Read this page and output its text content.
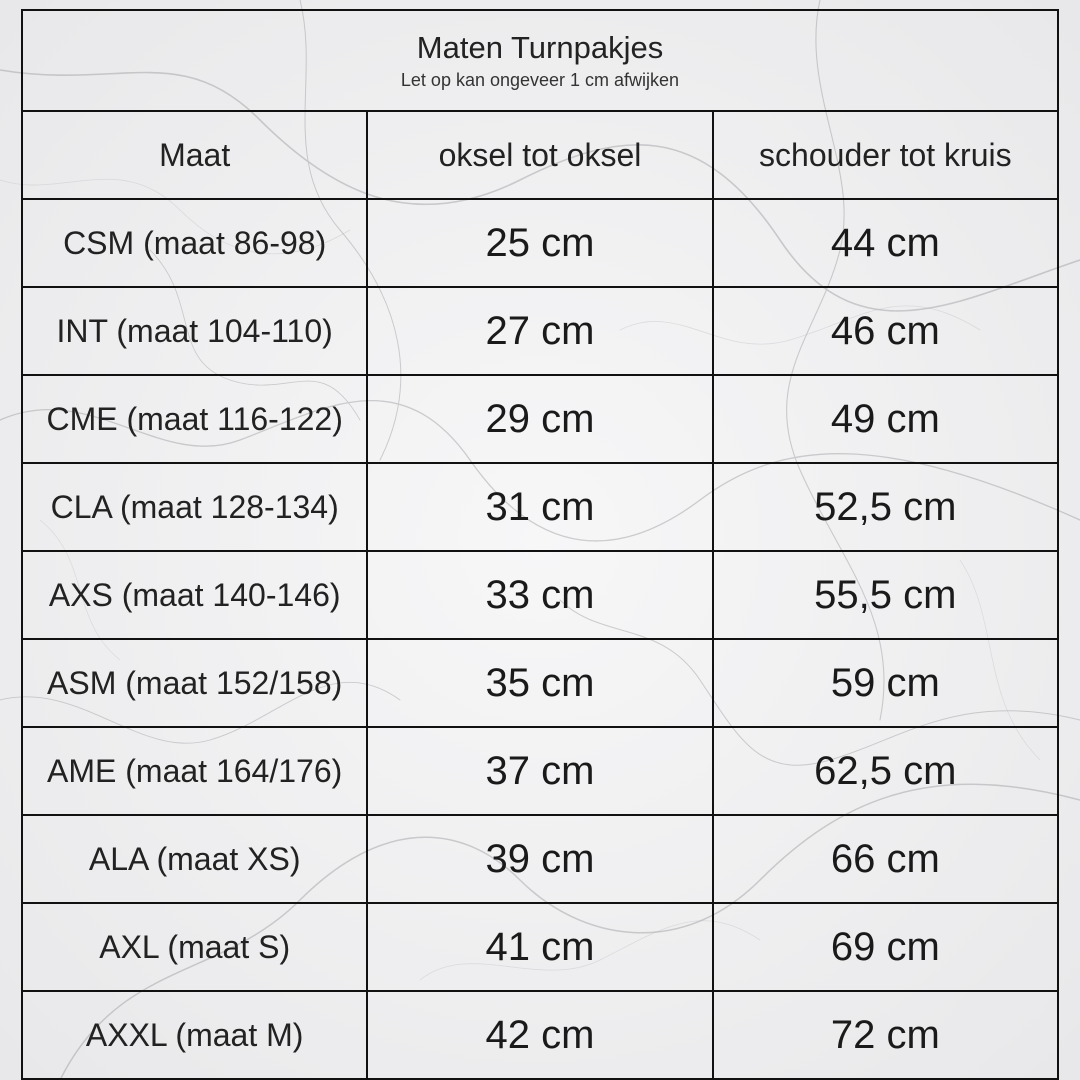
Maten Turnpakjes
Let op kan ongeveer 1 cm afwijken		

Maat	oksel tot oksel	schouder tot kruis
CSM (maat 86-98)	25 cm	44 cm
INT (maat 104-110)	27 cm	46 cm
CME (maat 116-122)	29 cm	49 cm
CLA (maat 128-134)	31 cm	52,5 cm
AXS (maat 140-146)	33 cm	55,5 cm
ASM (maat 152/158)	35 cm	59 cm
AME (maat 164/176)	37 cm	62,5 cm
ALA (maat XS)	39 cm	66 cm
AXL (maat S)	41 cm	69 cm
AXXL (maat M)	42 cm	72 cm
